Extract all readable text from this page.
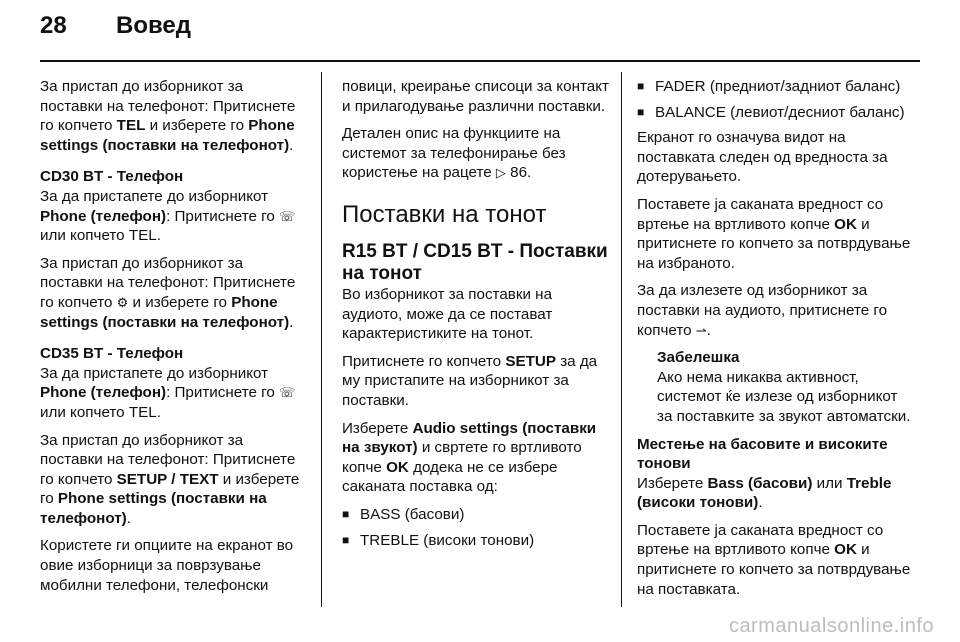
28	Вовед

За пристап до изборникот за поставки на телефонот: Притиснете го копчето TEL и изберете го Phone settings (поставки на телефонот).

CD30 BT - Телефон

За да пристапете до изборникот Phone (телефон): Притиснете го ☏ или копчето TEL.

За пристап до изборникот за поставки на телефонот: Притиснете го копчето ⚙ и изберете го Phone settings (поставки на телефонот).

CD35 BT - Телефон

За да пристапете до изборникот Phone (телефон): Притиснете го ☏ или копчето TEL.

За пристап до изборникот за поставки на телефонот: Притиснете го копчето SETUP / TEXT и изберете го Phone settings (поставки на телефонот).

Користете ги опциите на екранот во овие изборници за поврзување мобилни телефони, телефонски

повици, креирање списоци за контакт и прилагодување различни поставки.

Детален опис на функциите на системот за телефонирање без користење на рацете ▷ 86.

Поставки на тонот

R15 BT / CD15 BT - Поставки на тонот

Во изборникот за поставки на аудиото, може да се постават карактеристиките на тонот.

Притиснете го копчето SETUP за да му пристапите на изборникот за поставки.

Изберете Audio settings (поставки на звукот) и свртете го вртливото копче OK додека не се избере саканата поставка од:

■ BASS (басови)
■ TREBLE (високи тонови)
■ FADER (предниот/задниот баланс)
■ BALANCE (левиот/десниот баланс)

Екранот го означува видот на поставката следен од вредноста за дотерувањето.

Поставете ја саканата вредност со вртење на вртливото копче OK и притиснете го копчето за потврдување на избраното.

За да излезете од изборникот за поставки на аудиото, притиснете го копчето ⇀.

Забелешка

Ако нема никаква активност, системот ќе излезе од изборникот за поставките за звукот автоматски.

Местење на басовите и високите тонови

Изберете Bass (басови) или Treble (високи тонови).

Поставете ја саканата вредност со вртење на вртливото копче OK и притиснете го копчето за потврдување на поставката.

carmanualsonline.info
